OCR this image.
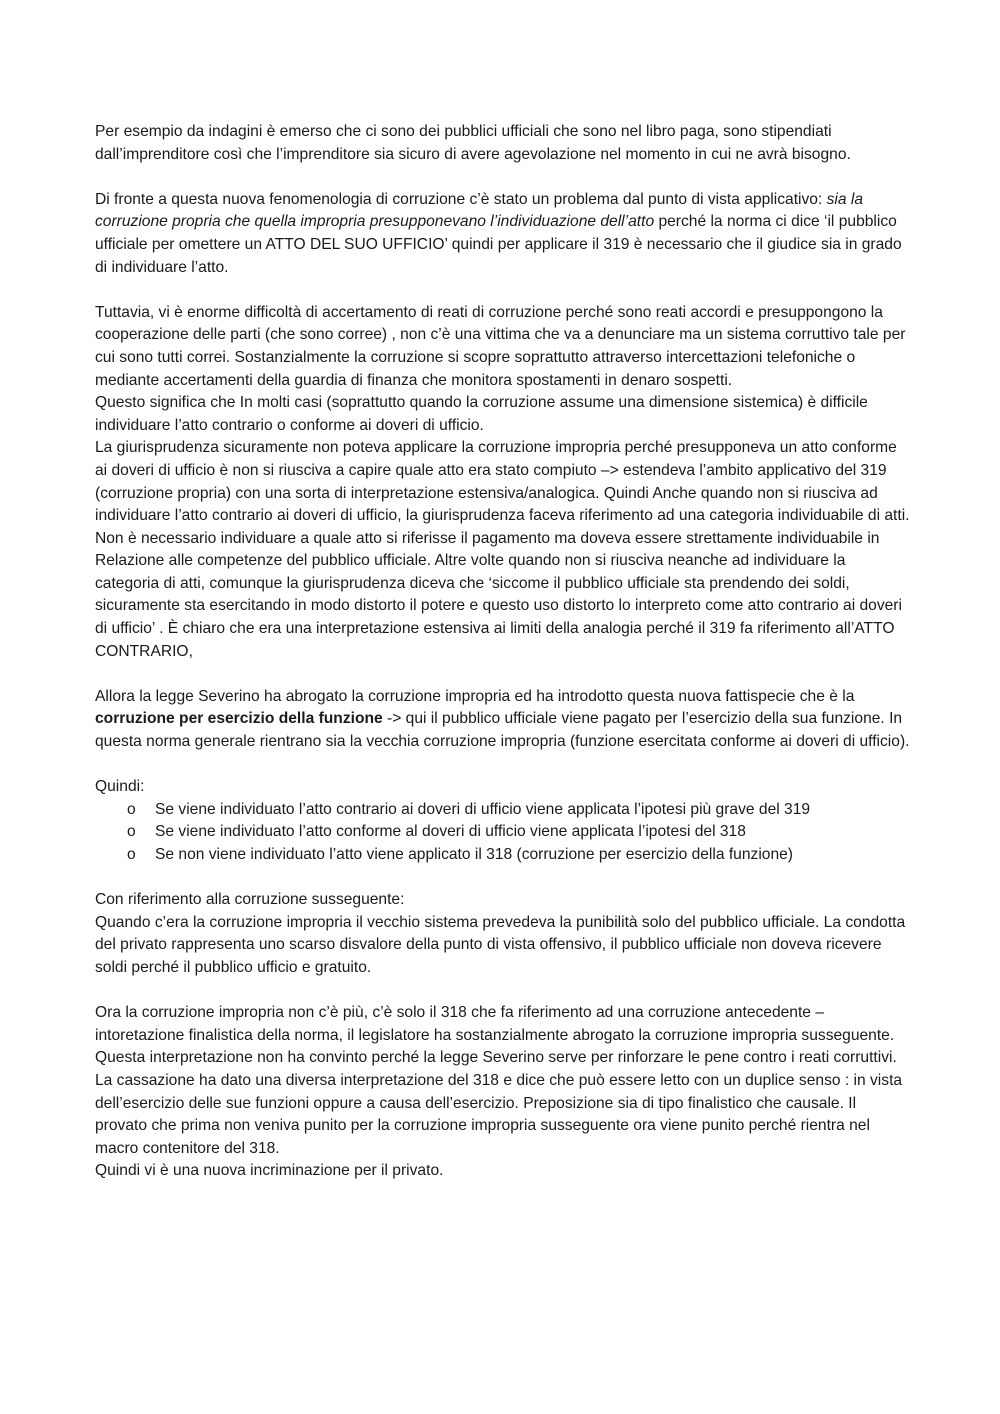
Per esempio da indagini è emerso che ci sono dei pubblici ufficiali che sono nel libro paga, sono stipendiati dall’imprenditore così che l’imprenditore sia sicuro di avere agevolazione nel momento in cui ne avrà bisogno.

Di fronte a questa nuova fenomenologia di corruzione c’è stato un problema dal punto di vista applicativo: sia la corruzione propria che quella impropria presupponevano l’individuazione dell’atto perché la norma ci dice ‘il pubblico ufficiale per omettere un ATTO DEL SUO UFFICIO’ quindi per applicare il 319 è necessario che il giudice sia in grado di individuare l’atto.

Tuttavia, vi è enorme difficoltà di accertamento di reati di corruzione perché sono reati accordi e presuppongono la cooperazione delle parti (che sono corree) , non c’è una vittima che va a denunciare ma un sistema corruttivo tale per cui sono tutti correi. Sostanzialmente la corruzione si scopre soprattutto attraverso intercettazioni telefoniche o mediante accertamenti della guardia di finanza che monitora spostamenti in denaro sospetti.

Questo significa che In molti casi (soprattutto quando la corruzione assume una dimensione sistemica) è difficile individuare l’atto contrario o conforme ai doveri di ufficio.

La giurisprudenza sicuramente non poteva applicare la corruzione impropria perché presupponeva un atto conforme ai doveri di ufficio è non si riusciva a capire quale atto era stato compiuto –> estendeva l’ambito applicativo del 319 (corruzione propria) con una sorta di interpretazione estensiva/analogica. Quindi Anche quando non si riusciva ad individuare l’atto contrario ai doveri di ufficio, la giurisprudenza faceva riferimento ad una categoria individuabile di atti. Non è necessario individuare a quale atto si riferisse il pagamento ma doveva essere strettamente individuabile in Relazione alle competenze del pubblico ufficiale. Altre volte quando non si riusciva neanche ad individuare la categoria di atti, comunque la giurisprudenza diceva che ‘siccome il pubblico ufficiale sta prendendo dei soldi, sicuramente sta esercitando in modo distorto il potere e questo uso distorto lo interpreto come atto contrario ai doveri di ufficio’ . È chiaro che era una interpretazione estensiva ai limiti della analogia perché il 319 fa riferimento all’ATTO CONTRARIO,

Allora la legge Severino ha abrogato la corruzione impropria ed ha introdotto questa nuova fattispecie che è la corruzione per esercizio della funzione -> qui il pubblico ufficiale viene pagato per l’esercizio della sua funzione. In questa norma generale rientrano sia la vecchia corruzione impropria (funzione esercitata conforme ai doveri di ufficio).

Quindi:

o Se viene individuato l’atto contrario ai doveri di ufficio viene applicata l’ipotesi più grave del 319
o Se viene individuato l’atto conforme al doveri di ufficio viene applicata l’ipotesi del 318
o Se non viene individuato l’atto viene applicato il 318 (corruzione per esercizio della funzione)

Con riferimento alla corruzione susseguente:

Quando c’era la corruzione impropria il vecchio sistema prevedeva la punibilità solo del pubblico ufficiale. La condotta del privato rappresenta uno scarso disvalore della punto di vista offensivo, il pubblico ufficiale non doveva ricevere soldi perché il pubblico ufficio e gratuito.

Ora la corruzione impropria non c’è più, c’è solo il 318 che fa riferimento ad una corruzione antecedente – intoretazione finalistica della norma, il legislatore ha sostanzialmente abrogato la corruzione impropria susseguente. Questa interpretazione non ha convinto perché la legge Severino serve per rinforzare le pene contro i reati corruttivi. La cassazione ha dato una diversa interpretazione del 318 e dice che può essere letto con un duplice senso : in vista dell’esercizio delle sue funzioni oppure a causa dell’esercizio. Preposizione sia di tipo finalistico che causale. Il provato che prima non veniva punito per la corruzione impropria susseguente ora viene punito perché rientra nel macro contenitore del 318.

Quindi vi è una nuova incriminazione per il privato.
